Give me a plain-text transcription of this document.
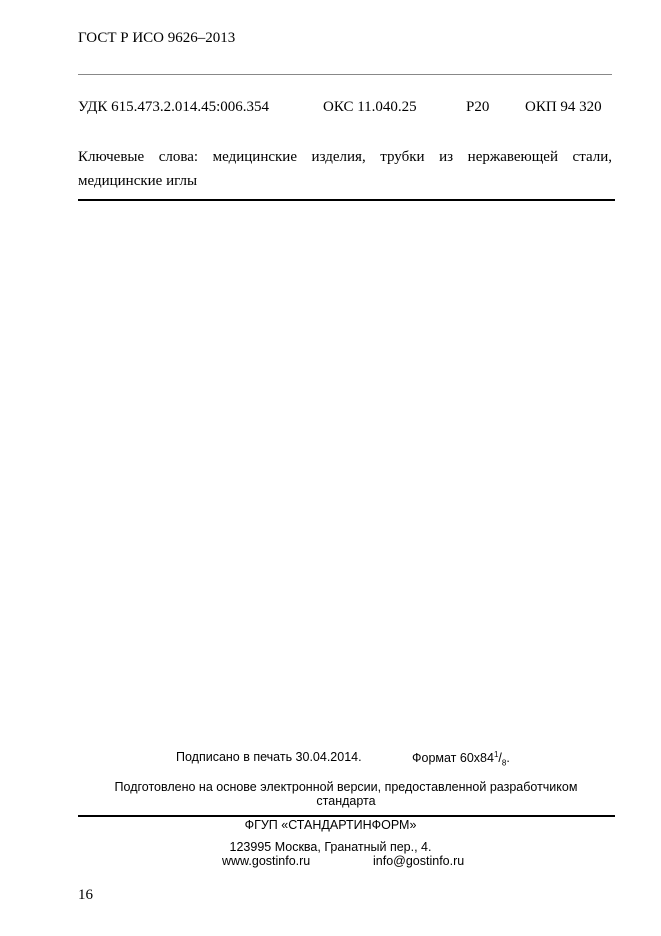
ГОСТ Р ИСО 9626–2013
УДК 615.473.2.014.45:006.354	ОКС 11.040.25	Р20 ОКП 94 320
Ключевые слова: медицинские изделия, трубки из нержавеющей стали, медицинские иглы
Подписано в печать 30.04.2014.	Формат $60x84^1/_8$.
Подготовлено на основе электронной версии, предоставленной разработчиком стандарта
ФГУП «СТАНДАРТИНФОРМ»
123995 Москва, Гранатный пер., 4.
www.gostinfo.ru	info@gostinfo.ru
16
